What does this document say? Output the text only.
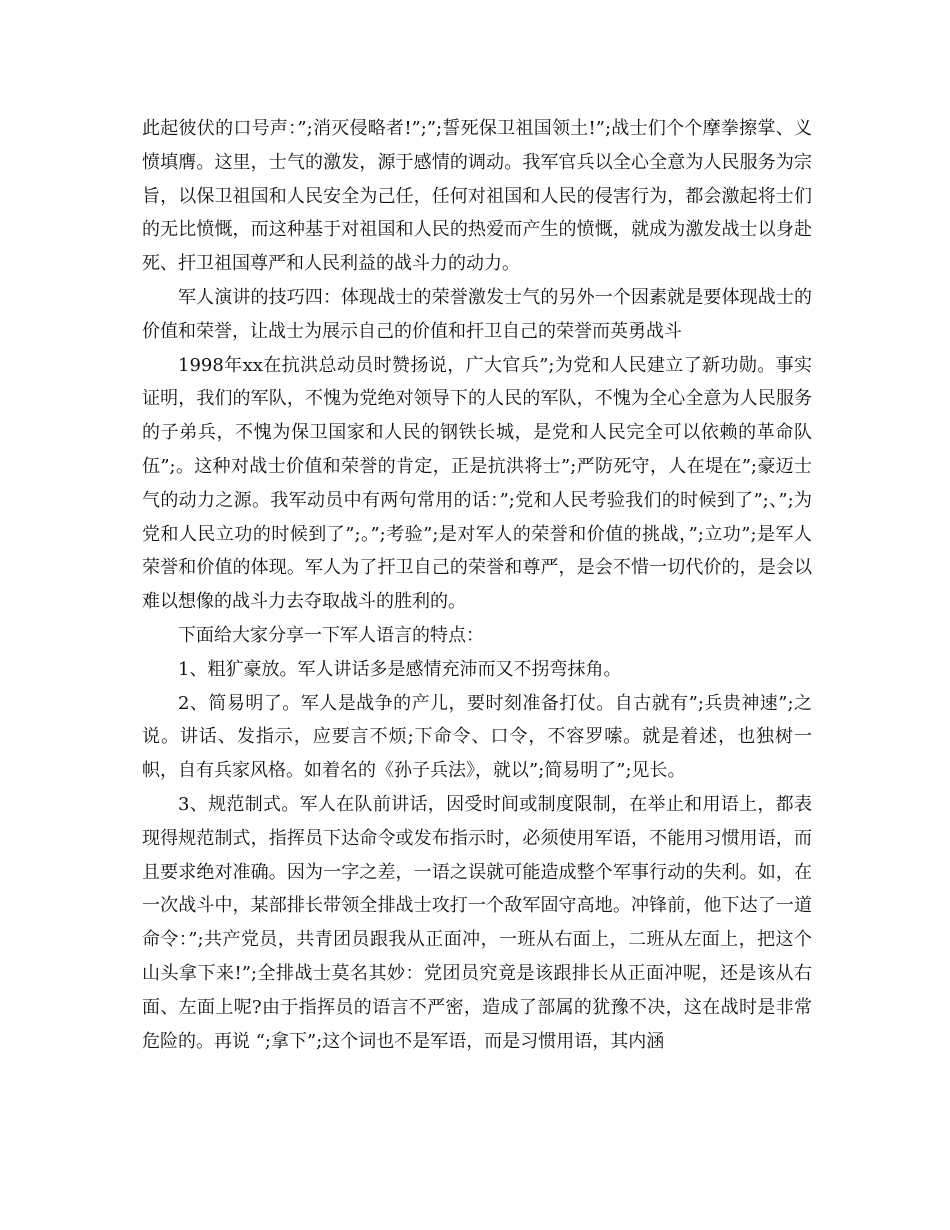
此起彼伏的口号声：”;消灭侵略者!”;”;誓死保卫祖国领土!”;战士们个个摩拳擦掌、义愤填膺。这里，士气的激发，源于感情的调动。我军官兵以全心全意为人民服务为宗旨，以保卫祖国和人民安全为己任，任何对祖国和人民的侵害行为，都会激起将士们的无比愤慨，而这种基于对祖国和人民的热爱而产生的愤慨，就成为激发战士以身赴死、扞卫祖国尊严和人民利益的战斗力的动力。

军人演讲的技巧四：体现战士的荣誉激发士气的另外一个因素就是要体现战士的价值和荣誉，让战士为展示自己的价值和扞卫自己的荣誉而英勇战斗

1998年xx在抗洪总动员时赞扬说，广大官兵”;为党和人民建立了新功勋。事实证明，我们的军队，不愧为党绝对领导下的人民的军队，不愧为全心全意为人民服务的子弟兵，不愧为保卫国家和人民的钢铁长城，是党和人民完全可以依赖的革命队伍”;。这种对战士价值和荣誉的肯定，正是抗洪将士”;严防死守，人在堤在”;豪迈士气的动力之源。我军动员中有两句常用的话：”;党和人民考验我们的时候到了”;、”;为党和人民立功的时候到了”;。”;考验”;是对军人的荣誉和价值的挑战，”;立功”;是军人荣誉和价值的体现。军人为了扞卫自己的荣誉和尊严，是会不惜一切代价的，是会以难以想像的战斗力去夺取战斗的胜利的。

下面给大家分享一下军人语言的特点：

1、粗犷豪放。军人讲话多是感情充沛而又不拐弯抹角。

2、简易明了。军人是战争的产儿，要时刻准备打仗。自古就有”;兵贵神速”;之说。讲话、发指示，应要言不烦;下命令、口令，不容罗嗦。就是着述，也独树一帜，自有兵家风格。如着名的《孙子兵法》，就以”;简易明了”;见长。

3、规范制式。军人在队前讲话，因受时间或制度限制，在举止和用语上，都表现得规范制式，指挥员下达命令或发布指示时，必须使用军语，不能用习惯用语，而且要求绝对准确。因为一字之差，一语之误就可能造成整个军事行动的失利。如，在一次战斗中，某部排长带领全排战士攻打一个敌军固守高地。冲锋前，他下达了一道命令：”;共产党员，共青团员跟我从正面冲，一班从右面上，二班从左面上，把这个山头拿下来!”;全排战士莫名其妙：党团员究竟是该跟排长从正面冲呢，还是该从右面、左面上呢?由于指挥员的语言不严密，造成了部属的犹豫不决，这在战时是非常危险的。再说 “;拿下”;这个词也不是军语，而是习惯用语，其内涵
